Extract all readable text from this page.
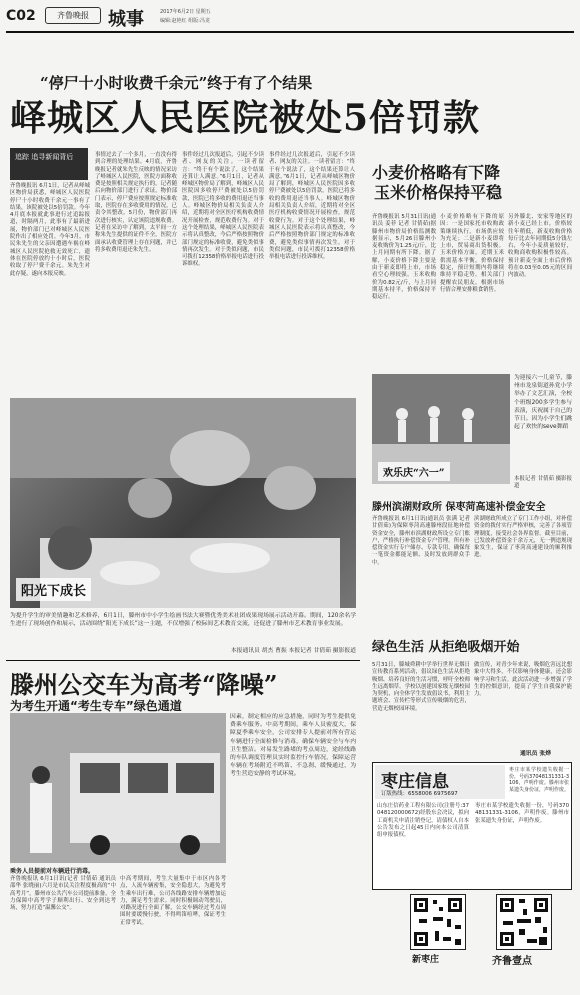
C02	齐鲁晚报	城事	2017年6月2日 星期五
编辑:赵艳红 组版:冯龙
“停尸十小时收费千余元”终于有了个结果
峄城区人民医院被处5倍罚款
追踪 追寻新闻背后
齐鲁晚报讯 6月1日，记者从峄城区物价局获悉，峄城区人民医院停尸十小时收费千余元一事有了结果，该院被处以5倍罚款。今年4月底本报就此事进行过追踪报道，时隔两月，此事有了最新进展，物价部门已对峄城区人民医院作出了相应处罚。今年3月，市民朱先生的父亲因遭遇车祸在峄城区人民医院抢救无效死亡，遗体在医院停放约十小时后，医院收取了停尸费千余元。朱先生对此存疑，遂向本报反映。
事情过去了一个多月，一直没有得到合理的处理结果。4月底，齐鲁晚报记者就朱先生反映的情况采访了峄城区人民医院，医院方面称收费是按照相关规定执行的。记者随后向物价部门进行了求证。物价部门表示，停尸费应按照规定标准收取，医院存在多收费用的情况，已责令其整改。5月份，物价部门再次进行核实，认定该院违规收费。记者在采访中了解到，太平间一方称朱先生提供的证件不全，医院方面承认收费管理上存在问题，并已将多收费用退还朱先生。
事件经过几次报道后，引起不少读者、网友的关注。一读者留言：“终于有个说法了，这个结果还算让人满意。”6月1日，记者从峄城区物价局了解到，峄城区人民医院因多收停尸费被处以5倍罚款，医院已将多收的费用退还当事人。峄城区物价局相关负责人介绍，近期将对全区医疗机构收费情况开展检查，规范收费行为。对于这个处理结果，峄城区人民医院表示将认真整改，今后严格按照物价部门规定的标准收费，避免类似事情再次发生。对于类似问题，市民可拨打12358价格举报电话进行投诉维权。
事件经过几次报道后，引起不少读者、网友的关注。一读者留言：“终于有个说法了，这个结果还算让人满意。”6月1日，记者从峄城区物价局了解到，峄城区人民医院因多收停尸费被处以5倍罚款，医院已将多收的费用退还当事人。峄城区物价局相关负责人介绍，近期将对全区医疗机构收费情况开展检查，规范收费行为。对于这个处理结果，峄城区人民医院表示将认真整改，今后严格按照物价部门规定的标准收费，避免类似事情再次发生。对于类似问题，市民可拨打12358价格举报电话进行投诉维权。
阳光下成长
为提升学生的审美情趣和艺术修养，6月1日，滕州市中小学生绘画书法大赛暨优秀美术社团成果现场展示活动开幕。期间，120余名学生进行了现场创作和展示，活动围绕“阳光下成长”这一主题，不仅增强了校际间艺术教育交流，还促进了滕州市艺术教育事业发展。
本报通讯员 胡杰 曹振 本报记者 甘倩茹 摄影报道
滕州公交车为高考“降噪”
为考生开通“考生专车”绿色通道
乘务人员提前对车辆进行消毒。
齐鲁晚报讯 6月1日讯(记者 甘倩茹 通讯员 邵华 张晓丽)六月是市民关注程度极高的“中高考月”，滕州市公共汽车公司提前准备，全力保障中高考学子顺利出行、安全到达考场，努力打造“温馨公交”。
中高考期间，考生大量集中于市区内各考点，人流车辆密集，安全隐患大，为避免考生乘车出行难，公司各线路安排车辆增加运力，满足考生需求。同时积极调动驾驶员，对路况进行全面了解，公交车辆经过考点周围时要缓慢行驶，不得鸣笛喧哗，保证考生正常考试。
因素，制定相应的应急措施，同时为考生提供免费乘车服务。中高考期间，乘车人员密度大，保障夏季乘车安全，公司安排专人提前对所有营运车辆进行全面检修与消毒，确保车辆安全与车内卫生整洁。对易发生路堵的考点周边，途经线路的车队调度管理员实时监控行车情况，保障运营车辆在考场附近不鸣笛、不急刹、缓慢通过，为考生营造安静的考试环境。
小麦价格略有下降
玉米价格保持平稳
齐鲁晚报讯 5月31日讯(通讯员 姜菲 记者 甘倩茹)据滕州市物价局价格监测数据显示，5月26日滕州小麦收购价为1.25元/斤，比上月同期有所下降。据了解，小麦价格下降主要是由于新麦即将上市，市场看空心理较强。玉米收购价为0.82元/斤，与上月同期基本持平，价格保持平稳运行。
小麦价格略有下降的原因：一是国家托市收购政策继续执行，市场供应较为充足；二是新小麦即将上市，贸易商出货积极。玉米价格方面，近期玉米供需基本平衡，价格保持稳定，预计短期内将继续维持平稳走势。相关部门提醒农民朋友，根据市场行情合理安排粮食销售。
另外滕北、安家等地区的新小麦已经上市，价格较往年稍低，新麦收购价格每斤比去年同期低5分钱左右，今年小麦质量较好，收购商收购积极性较高。预计新麦全面上市后价格将在0.03至0.05元的区间内波动。
欢乐庆“六一”
为迎接六一儿童节，滕州市龙泉街道孙党小学举办了文艺汇演，全校个班级200多学生参与表演，庆祝属于自己的节日。因为小学生们跳起了欢快的seve舞蹈
本报记者 甘倩茹 摄影报道
滕州滨湖财政所 保枣菏高速补偿金安全
齐鲁晚报讯 6月1日讯(通讯员 张满 记者 甘倩茹)为保障枣菏高速滕州段征地补偿资金安全，滕州市滨湖财政所设立专门账户，严格执行补偿资金专户管理。所有补偿资金实行专户储存、专款专用，确保每一笔资金都能足额、及时发放到群众手中。
滨湖财政所成立了专门工作小组，对补偿资金的拨付实行严格审核，完善了各项管理制度，接受社会各界监督。截至目前，已发放补偿资金千余万元，无一例违规现象发生，保证了枣菏高速建设的顺利推进。
绿色生活 从拒绝吸烟开始
5月31日，滕城舜耕中学举行世界无烟日宣传教育系列活动，倡议绿色生活从拒绝吸烟、培养良好的生活习惯，呼吁全校师生远离烟草。学校以创建国家级无烟校园为契机，向全体学生发放倡议书，利用主题班会、宣传栏等形式宣传吸烟的危害，营造无烟校园环境。
做宣传，对青少年来说，吸烟危害远比想象中大得多，不仅影响身体健康，还会影响学习和生活。此次活动进一步增强了学生的控烟意识，提高了学生自我保护能力。
通讯员 张烨
枣庄信息
订版热线：6558006 6975697
枣庄市某学校遗失收据一份，号码37048131331-3106，声明作废。滕州市张某遗失身份证，声明作废。
山东庄信药业工程有限公司(注册号:37048120000672)经股东会决议，拟向工商机关申请注销登记，请债权人自本公告发布之日起45日内向本公司清算组申报债权。
枣庄市某学校遗失收据一份，号码37048131331-3106，声明作废。滕州市张某遗失身份证，声明作废。
新枣庄	齐鲁壹点
